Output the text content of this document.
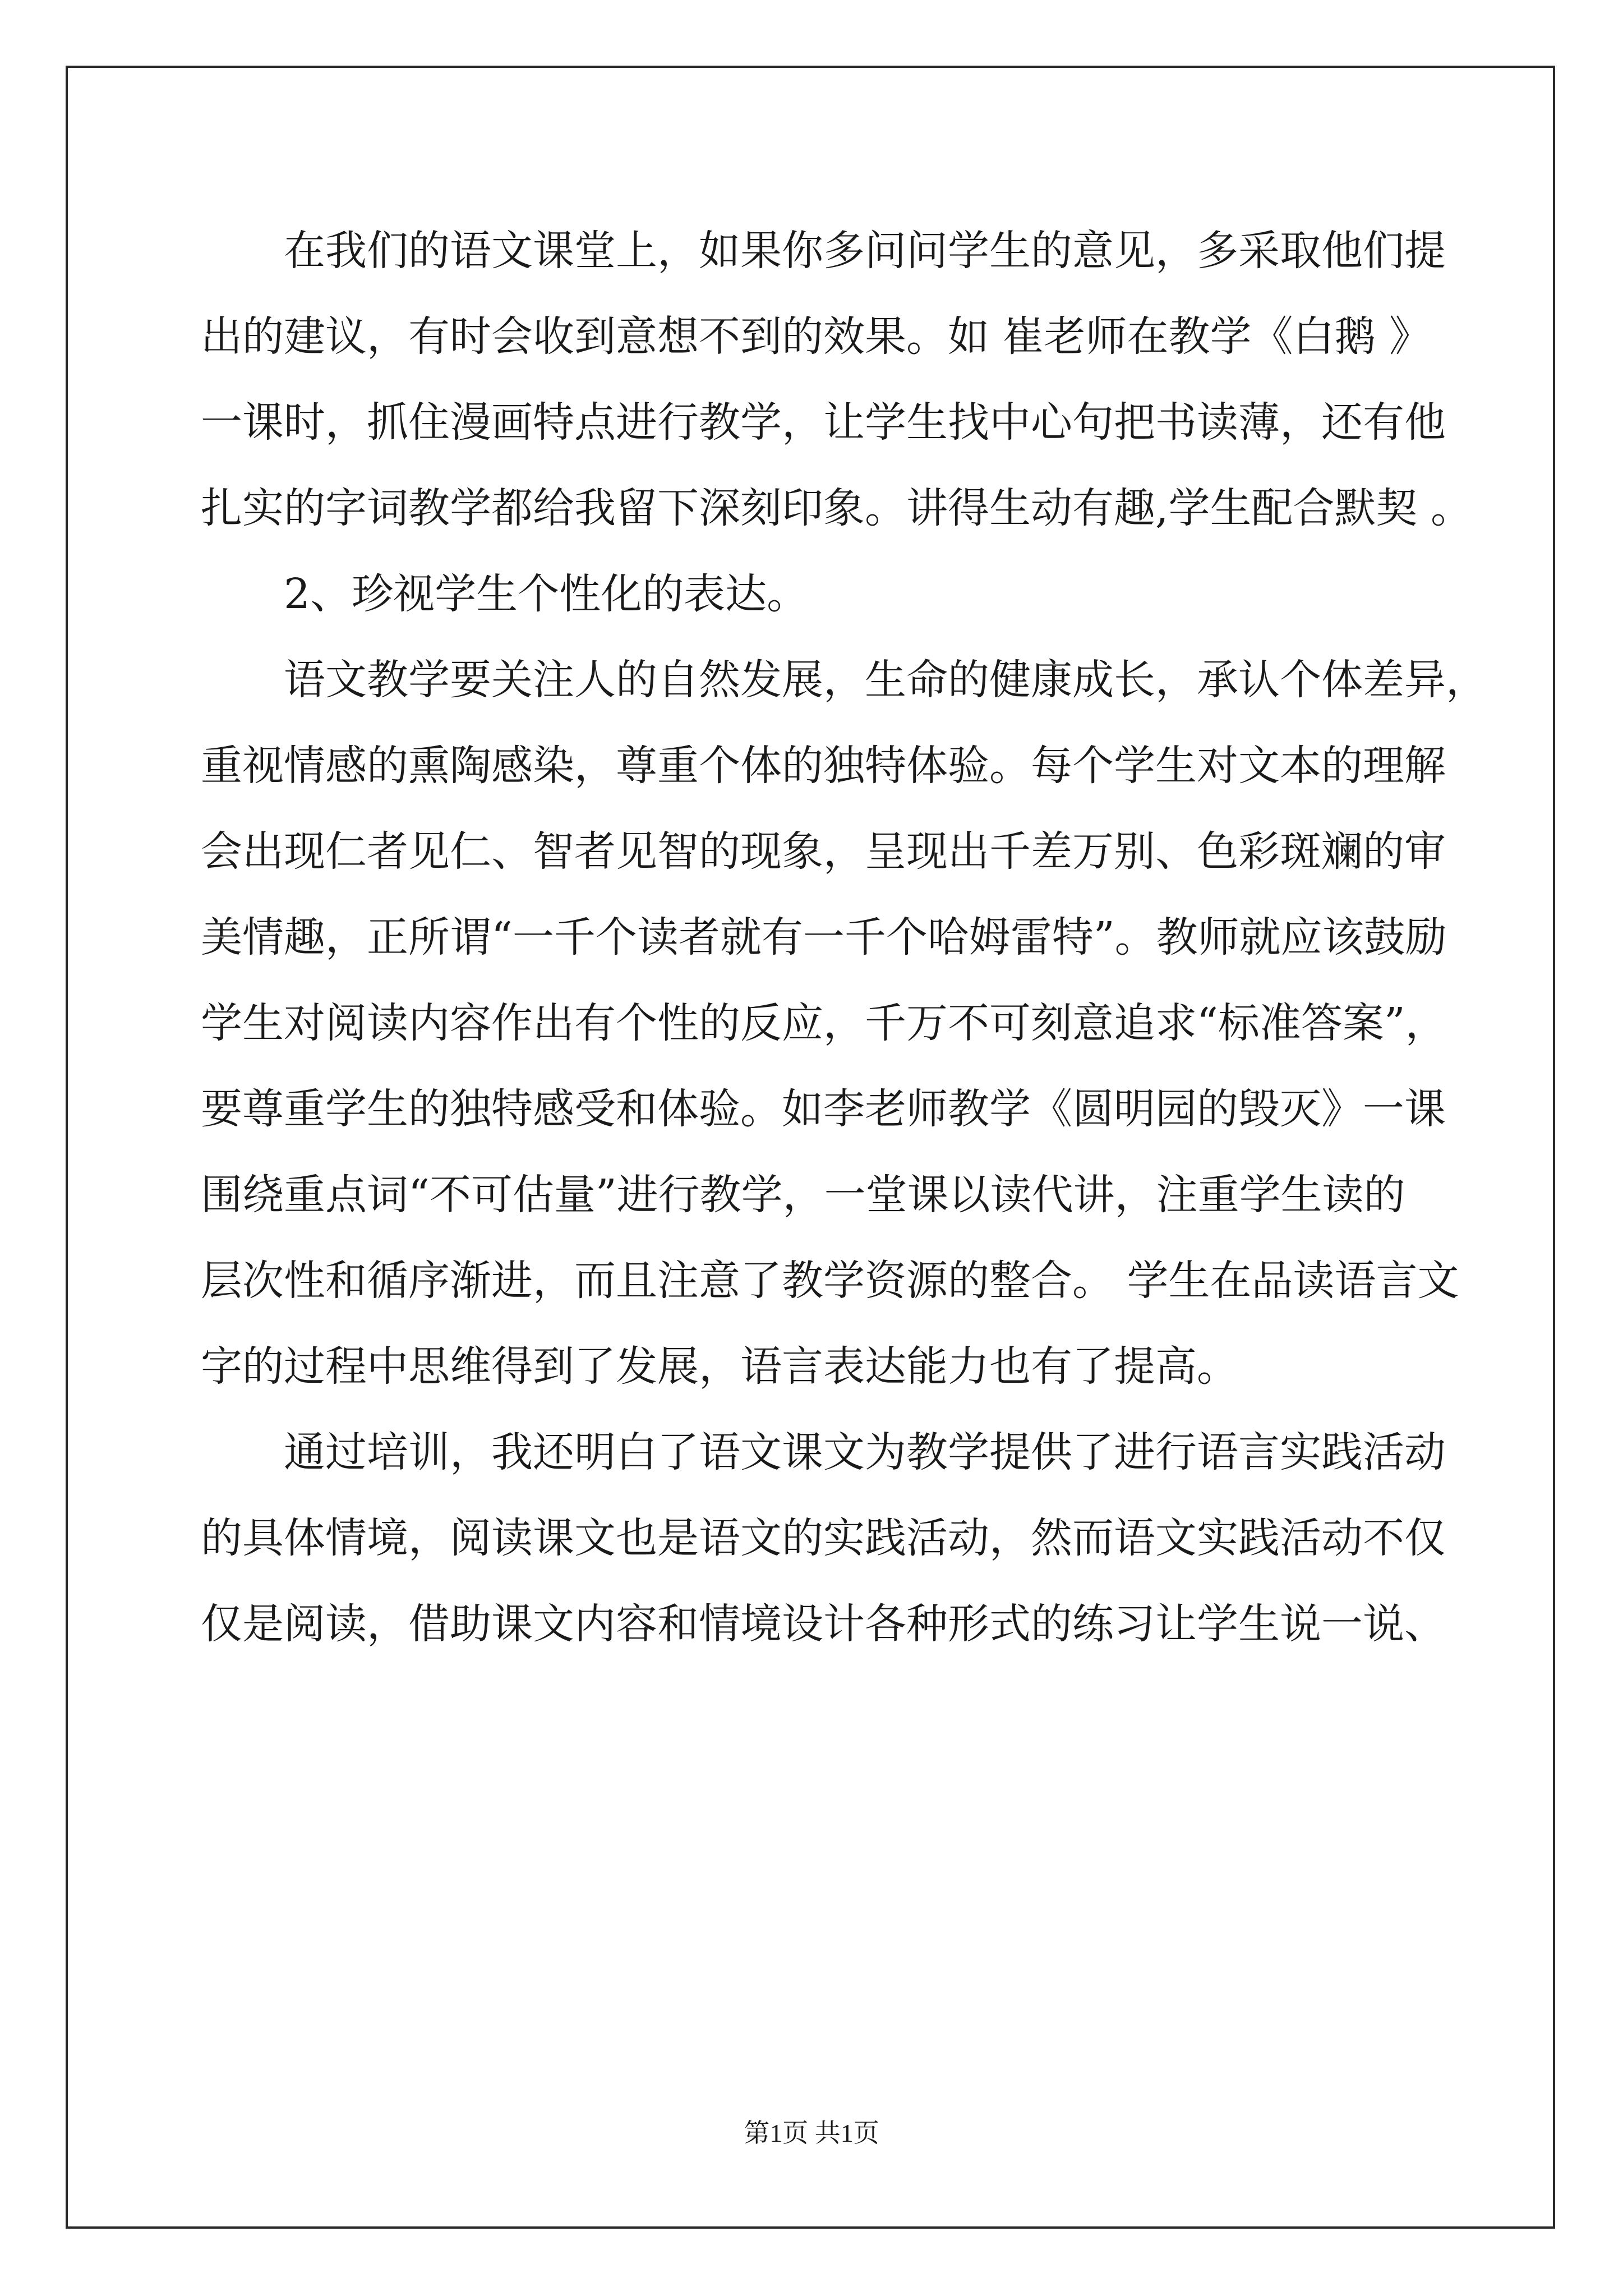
在我们的语文课堂上，如果你多问问学生的意见，多采取他们提
出的建议，有时会收到意想不到的效果。如 崔老师在教学《白鹅 》
一课时，抓住漫画特点进行教学，让学生找中心句把书读薄，还有他
扎实的字词教学都给我留下深刻印象。讲得生动有趣,学生配合默契 。
2、珍视学生个性化的表达。
语文教学要关注人的自然发展，生命的健康成长，承认个体差异，
重视情感的熏陶感染，尊重个体的独特体验。每个学生对文本的理解
会出现仁者见仁、智者见智的现象，呈现出千差万别、色彩斑斓的审
美情趣，正所谓“一千个读者就有一千个哈姆雷特”。教师就应该鼓励
学生对阅读内容作出有个性的反应，千万不可刻意追求“标准答案”，
要尊重学生的独特感受和体验。如李老师教学《圆明园的毁灭》一课
围绕重点词“不可估量”进行教学，一堂课以读代讲，注重学生读的
层次性和循序渐进，而且注意了教学资源的整合。 学生在品读语言文
字的过程中思维得到了发展，语言表达能力也有了提高。
通过培训，我还明白了语文课文为教学提供了进行语言实践活动
的具体情境，阅读课文也是语文的实践活动，然而语文实践活动不仅
仅是阅读，借助课文内容和情境设计各种形式的练习让学生说一说、
第1页 共1页
